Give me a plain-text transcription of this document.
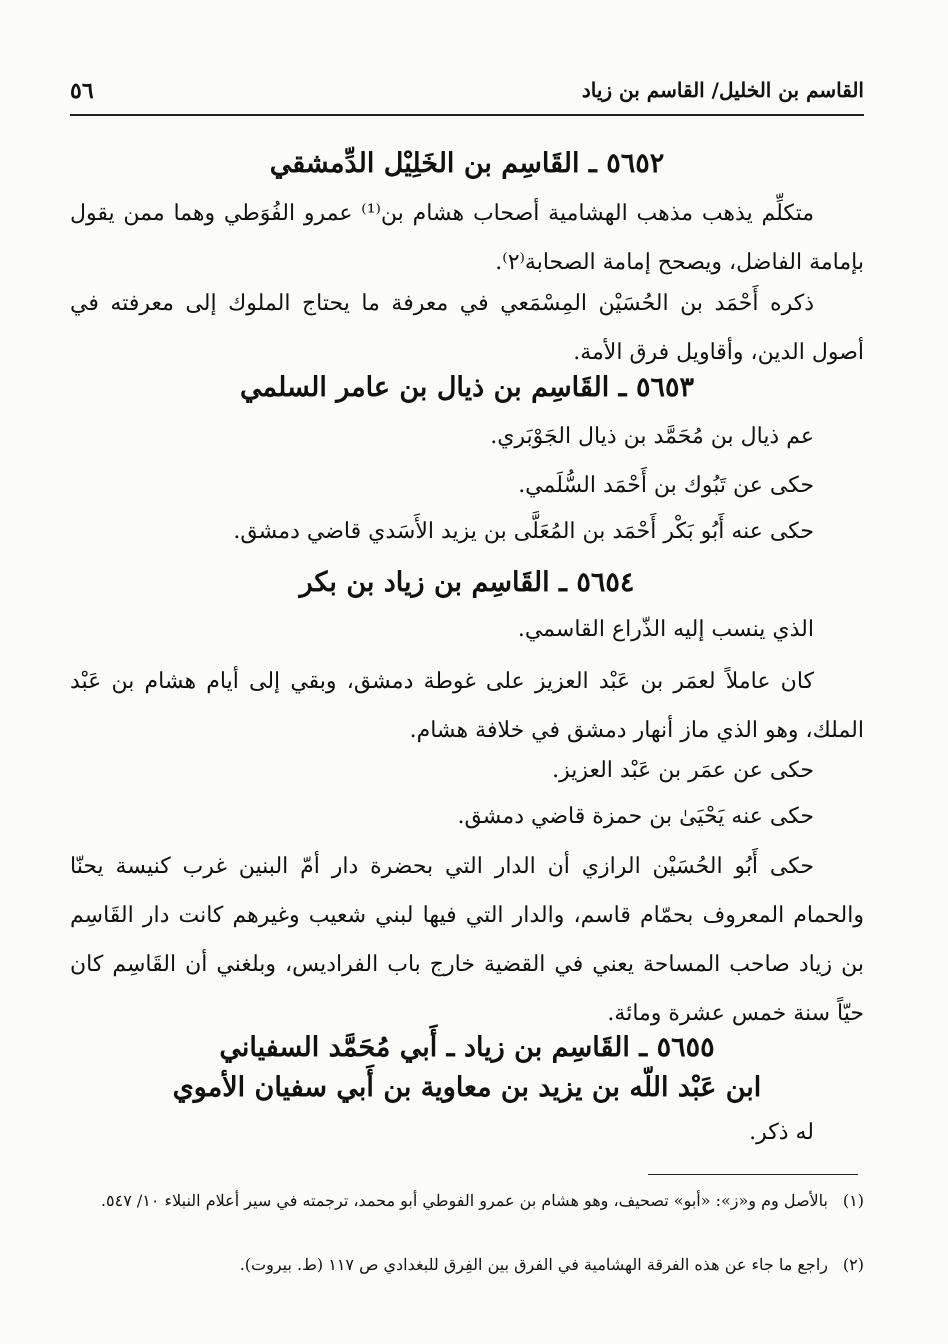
القاسم بن الخليل/ القاسم بن زياد
٥٦
٥٦٥٢ ـ القَاسِم بن الخَلِيْل الدِّمشقي
متكلِّم يذهب مذهب الهشامية أصحاب هشام بن⁽¹⁾ عمرو الفُوَطي وهما ممن يقول بإمامة الفاضل، ويصحح إمامة الصحابة⁽٢⁾.
ذكره أَحْمَد بن الحُسَيْن المِسْمَعي في معرفة ما يحتاج الملوك إلى معرفته في أصول الدين، وأقاويل فرق الأمة.
٥٦٥٣ ـ القَاسِم بن ذيال بن عامر السلمي
عم ذيال بن مُحَمَّد بن ذيال الجَوْبَري.
حكى عن تَبُوك بن أَحْمَد السُّلَمي.
حكى عنه أَبُو بَكْر أَحْمَد بن المُعَلَّى بن يزيد الأَسَدي قاضي دمشق.
٥٦٥٤ ـ القَاسِم بن زياد بن بكر
الذي ينسب إليه الذّراع القاسمي.
كان عاملاً لعمَر بن عَبْد العزيز على غوطة دمشق، وبقي إلى أيام هشام بن عَبْد الملك، وهو الذي ماز أنهار دمشق في خلافة هشام.
حكى عن عمَر بن عَبْد العزيز.
حكى عنه يَحْيَىٰ بن حمزة قاضي دمشق.
حكى أَبُو الحُسَيْن الرازي أن الدار التي بحضرة دار أمّ البنين غرب كنيسة يحنّا والحمام المعروف بحمّام قاسم، والدار التي فيها لبني شعيب وغيرهم كانت دار القَاسِم بن زياد صاحب المساحة يعني في القضية خارج باب الفراديس، وبلغني أن القَاسِم كان حيّاً سنة خمس عشرة ومائة.
٥٦٥٥ ـ القَاسِم بن زياد ـ أَبي مُحَمَّد السفياني
ابن عَبْد اللّه بن يزيد بن معاوية بن أَبي سفيان الأموي
له ذكر.
(١)بالأصل وم و«ز»: «أبو» تصحيف، وهو هشام بن عمرو الفوطي أبو محمد، ترجمته في سير أعلام النبلاء ١٠/ ٥٤٧.
(٢)راجع ما جاء عن هذه الفرقة الهشامية في الفرق بين الفِرق للبغدادي ص ١١٧ (ط. بيروت).
